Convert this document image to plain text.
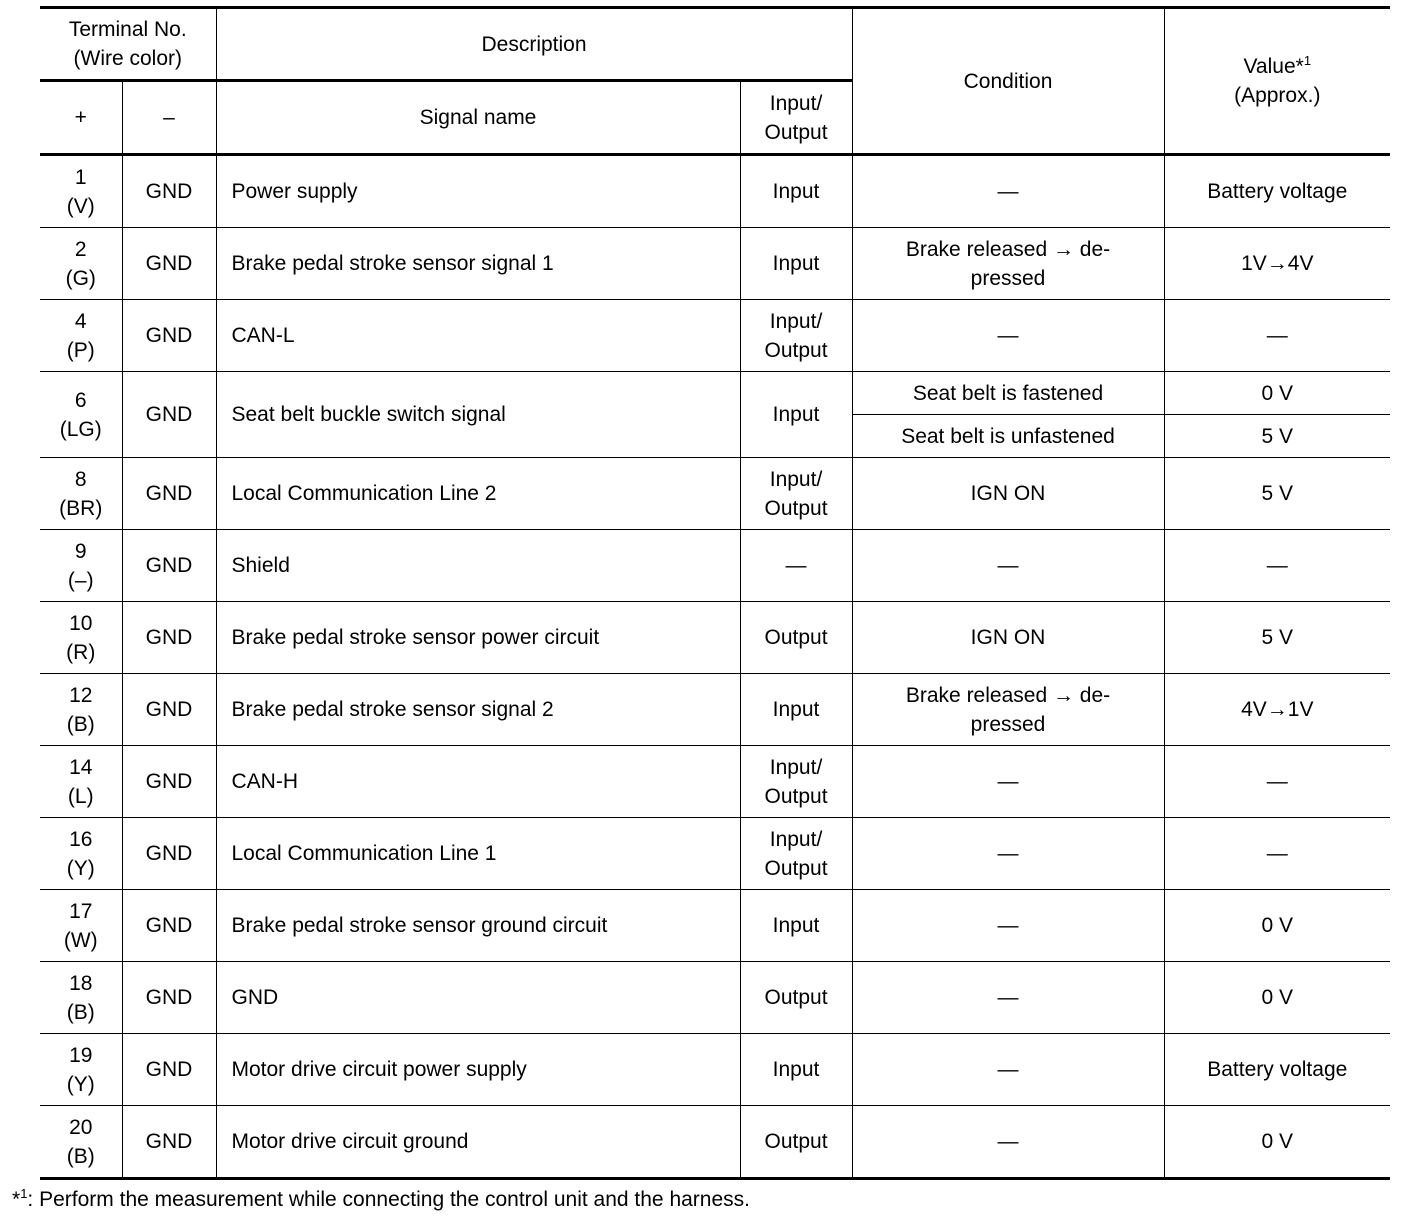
Terminal No.
(Wire color)		Description		Condition	Value*$^1$
(Approx.)

+	–	Signal name	Input/
Output		

1
(V)	GND	Power supply	Input	—	Battery voltage

2
(G)	GND	Brake pedal stroke sensor signal 1	Input	Brake released → de-
pressed	1V→4V

4
(P)	GND	CAN-L	Input/
Output	—	—

6
(LG)	GND	Seat belt buckle switch signal	Input	Seat belt is fastened	0 V

				Seat belt is unfastened	5 V

8
(BR)	GND	Local Communication Line 2	Input/
Output	IGN ON	5 V

9
(–)	GND	Shield	—	—	—

10
(R)	GND	Brake pedal stroke sensor power circuit	Output	IGN ON	5 V

12
(B)	GND	Brake pedal stroke sensor signal 2	Input	Brake released → de-
pressed	4V→1V

14
(L)	GND	CAN-H	Input/
Output	—	—

16
(Y)	GND	Local Communication Line 1	Input/
Output	—	—

17
(W)	GND	Brake pedal stroke sensor ground circuit	Input	—	0 V

18
(B)	GND	GND	Output	—	0 V

19
(Y)	GND	Motor drive circuit power supply	Input	—	Battery voltage

20
(B)	GND	Motor drive circuit ground	Output	—	0 V
*$^1$: Perform the measurement while connecting the control unit and the harness.
